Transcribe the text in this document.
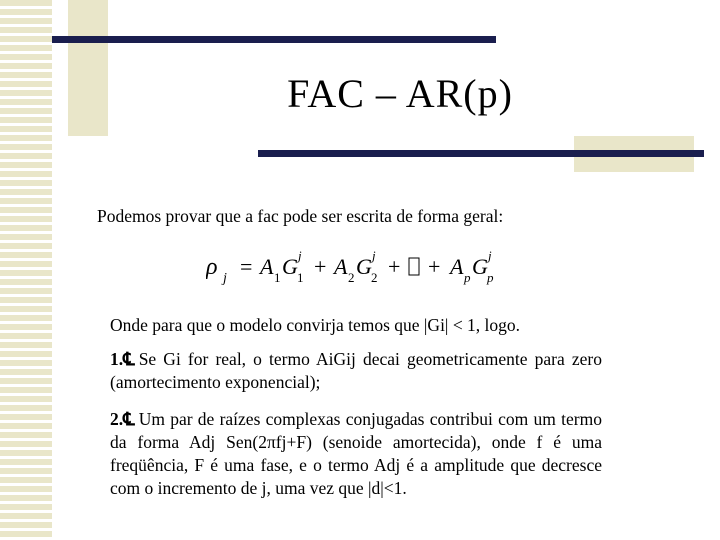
FAC – AR(p)
Podemos provar que a fac pode ser escrita de forma geral:
ρ j = A 1 G 1
j + A 2 G 2
j + + A p G p
j
Onde para que o modelo convirja temos que |Gi| < 1, logo.
1.℄ Se Gi for real, o termo AiGij decai geometricamente para zero (amortecimento exponencial);
2.℄ Um par de raízes complexas conjugadas contribui com um termo da forma Adj Sen(2πfj+F) (senoide amortecida), onde f é uma freqüência, F é uma fase, e o termo Adj é a amplitude que decresce com o incremento de j, uma vez que |d|<1.
